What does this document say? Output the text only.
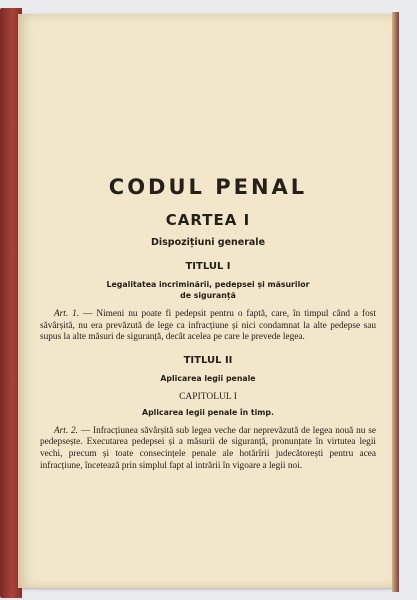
CODUL PENAL
CARTEA I
Dispozițiuni generale
TITLUL I
Legalitatea incriminării, pedepsei și măsurilor
de siguranță

Art. 1. — Nimeni nu poate fi pedepsit pentru o faptă, care, în timpul când a fost săvârșită, nu era prevăzută de lege ca infracțiune și nici condamnat la alte pedepse sau supus la alte măsuri de siguranță, decât acelea pe care le prevede legea.

TITLUL II
Aplicarea legii penale
CAPITOLUL I
Aplicarea legii penale în timp.

Art. 2. — Infracțiunea săvârșită sub legea veche dar neprevăzută de legea nouă nu se pedepsește. Executarea pedepsei și a măsurii de siguranță, pronunțate în virtutea legii vechi, precum și toate consecințele penale ale hotărîrii judecătorești pentru acea infracțiune, încetează prin simplul fapt al intrării în vigoare a legii noi.
